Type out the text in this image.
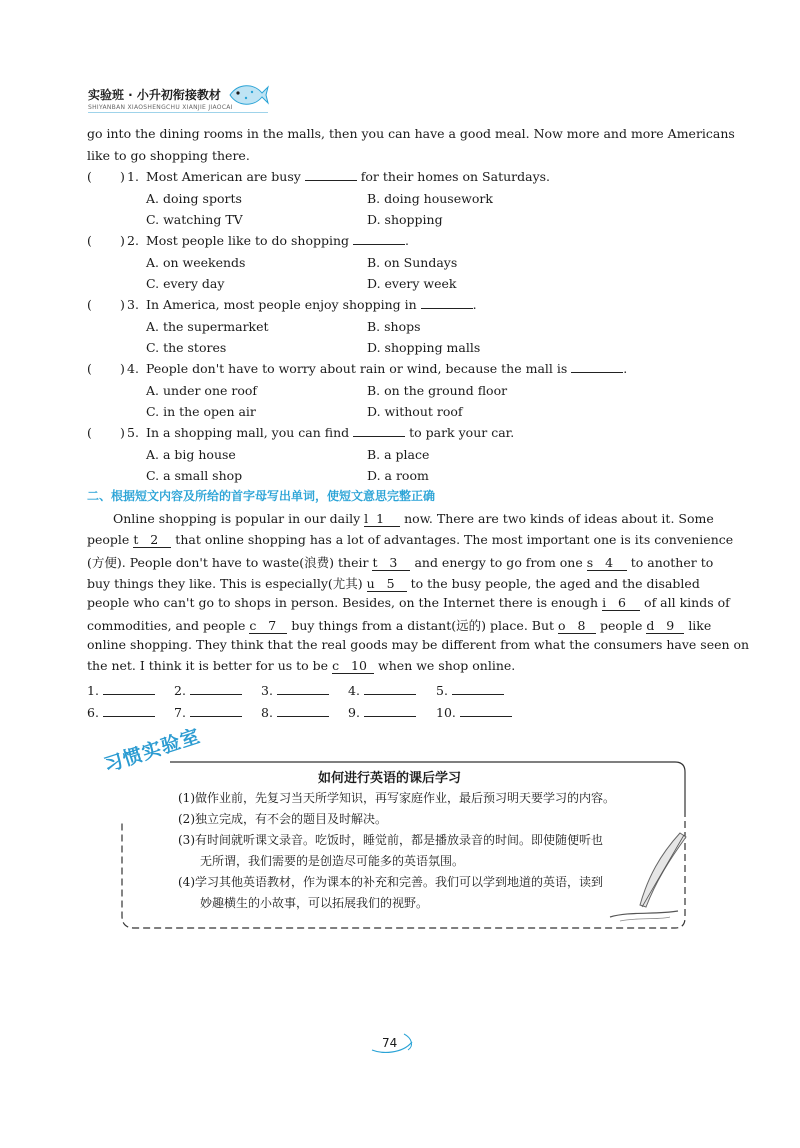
实验班 · 小升初衔接教材
SHIYANBAN XIAOSHENGCHU XIANJIE JIAOCAI
go into the dining rooms in the malls, then you can have a good meal. Now more and more Americans
like to go shopping there.
( ) 1. Most American are busy	for their homes on Saturdays.
A. doing sports	B. doing housework
C. watching TV	D. shopping
( ) 2. Most people like to do shopping	.
A. on weekends	B. on Sundays
C. every day	D. every week
( ) 3. In America, most people enjoy shopping in	.
A. the supermarket	B. shops
C. the stores	D. shopping malls
( ) 4. People don't have to worry about rain or wind, because the mall is	.
A. under one roof	B. on the ground floor
C. in the open air	D. without roof
( ) 5. In a shopping mall, you can find	to park your car.
A. a big house	B. a place
C. a small shop	D. a room
二、根据短文内容及所给的首字母写出单词，使短文意思完整正确
Online shopping is popular in our daily l 1 now. There are two kinds of ideas about it. Some
people t 2 that online shopping has a lot of advantages. The most important one is its convenience
(方便). People don't have to waste(浪费) their t 3 and energy to go from one s 4 to another to
buy things they like. This is especially(尤其) u 5 to the busy people, the aged and the disabled
people who can't go to shops in person. Besides, on the Internet there is enough i 6 of all kinds of
commodities, and people c 7 buy things from a distant(远的) place. But o 8 people d 9 like
online shopping. They think that the real goods may be different from what the consumers have seen on
the net. I think it is better for us to be c 10 when we shop online.
1.	2.	3.	4.	5.
6.	7.	8.	9.	10.
习惯实验室
如何进行英语的课后学习
(1)做作业前，先复习当天所学知识，再写家庭作业，最后预习明天要学习的内容。
(2)独立完成，有不会的题目及时解决。
(3)有时间就听课文录音。吃饭时，睡觉前，都是播放录音的时间。即使随便听也
无所谓，我们需要的是创造尽可能多的英语氛围。
(4)学习其他英语教材，作为课本的补充和完善。我们可以学到地道的英语，读到
妙趣横生的小故事，可以拓展我们的视野。
74
